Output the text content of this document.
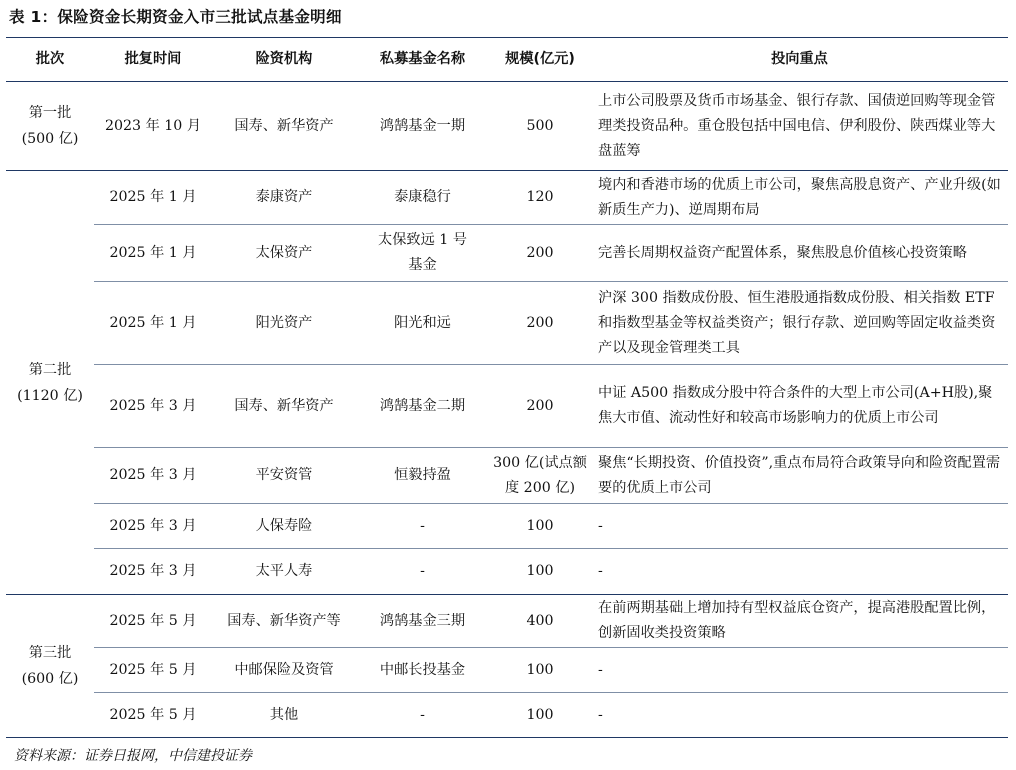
表 1：保险资金长期资金入市三批试点基金明细
批次	批复时间	险资机构	私募基金名称	规模(亿元)	投向重点

第一批
(500 亿)	2023 年 10 月	国寿、新华资产	鸿鹄基金一期	500	上市公司股票及货币市场基金、银行存款、国债逆回购等现金管理类投资品种。重仓股包括中国电信、伊利股份、陕西煤业等大盘蓝筹

第二批
(1120 亿)	2025 年 1 月	泰康资产	泰康稳行	120	境内和香港市场的优质上市公司，聚焦高股息资产、产业升级(如新质生产力)、逆周期布局
	2025 年 1 月	太保资产	太保致远 1 号基金	200	完善长周期权益资产配置体系，聚焦股息价值核心投资策略
	2025 年 1 月	阳光资产	阳光和远	200	沪深 300 指数成份股、恒生港股通指数成份股、相关指数 ETF 和指数型基金等权益类资产；银行存款、逆回购等固定收益类资产以及现金管理类工具
	2025 年 3 月	国寿、新华资产	鸿鹄基金二期	200	中证 A500 指数成分股中符合条件的大型上市公司(A+H股),聚焦大市值、流动性好和较高市场影响力的优质上市公司
	2025 年 3 月	平安资管	恒毅持盈	300 亿(试点额度 200 亿)	聚焦“长期投资、价值投资”,重点布局符合政策导向和险资配置需要的优质上市公司
	2025 年 3 月	人保寿险	-	100	-
	2025 年 3 月	太平人寿	-	100	-

第三批
(600 亿)	2025 年 5 月	国寿、新华资产等	鸿鹄基金三期	400	在前两期基础上增加持有型权益底仓资产，提高港股配置比例，创新固收类投资策略
	2025 年 5 月	中邮保险及资管	中邮长投基金	100	-
	2025 年 5 月	其他	-	100	-
资料来源：证券日报网，中信建投证券
